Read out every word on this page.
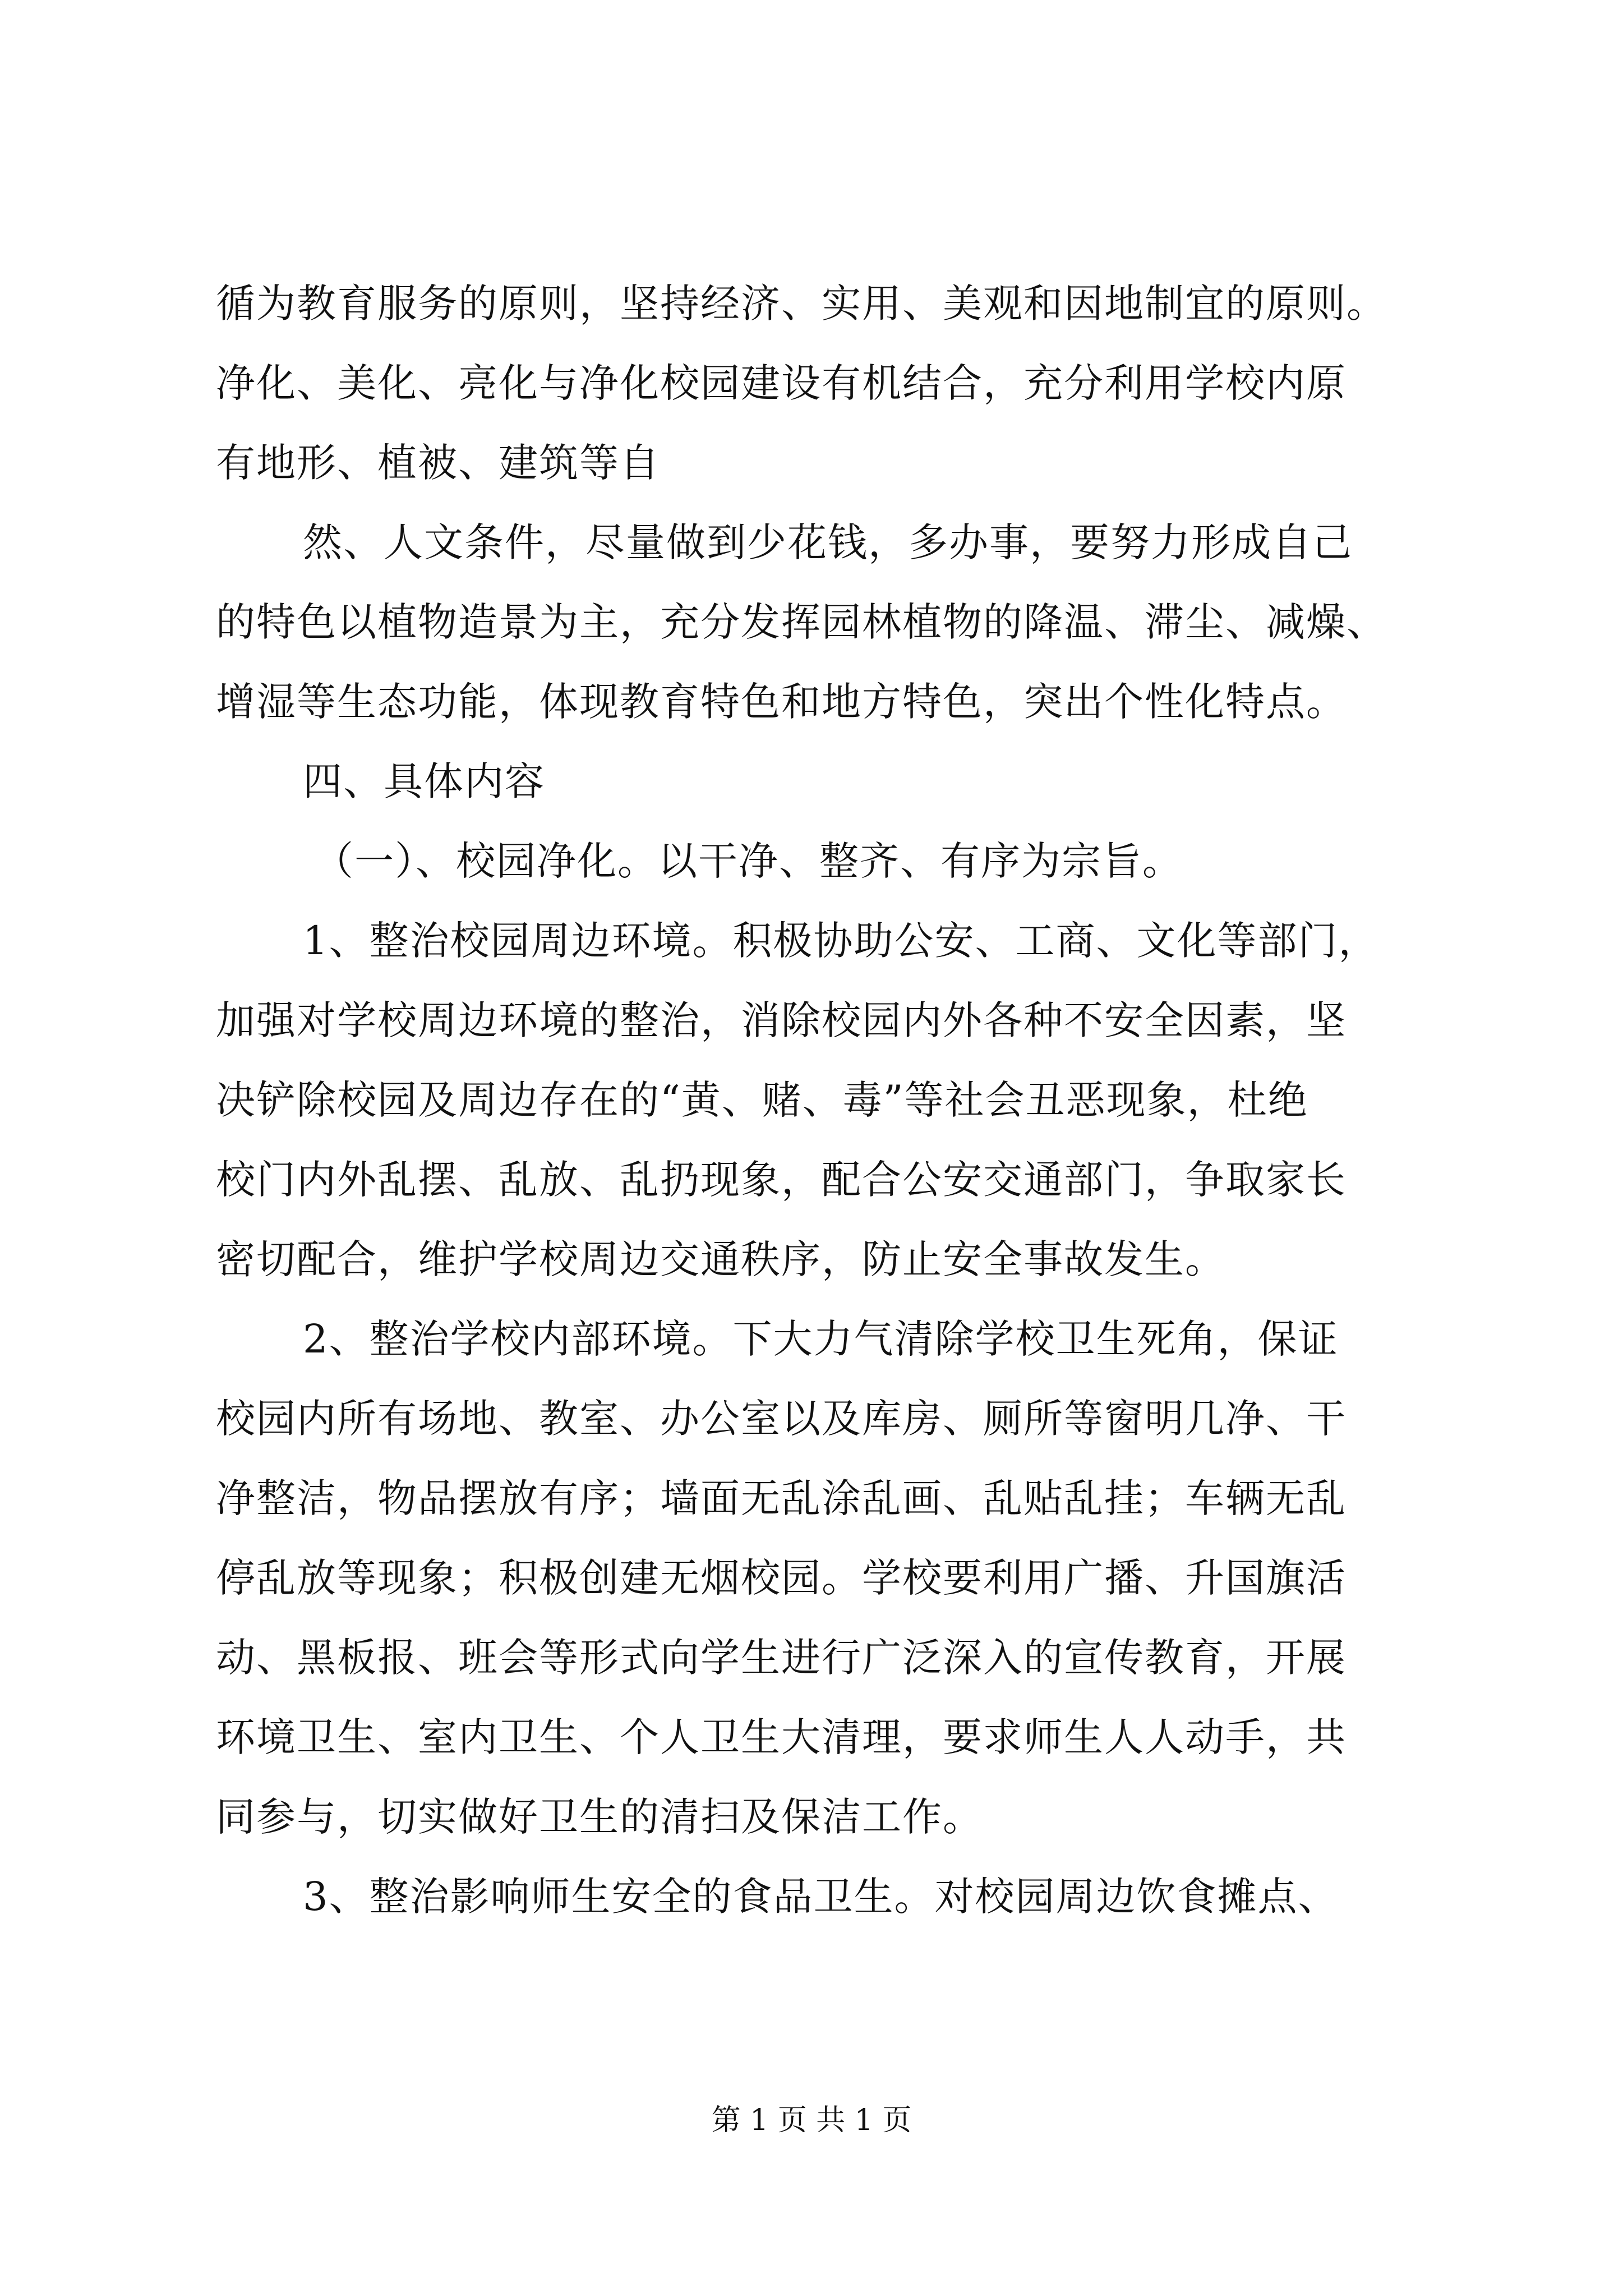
循为教育服务的原则，坚持经济、实用、美观和因地制宜的原则。
净化、美化、亮化与净化校园建设有机结合，充分利用学校内原
有地形、植被、建筑等自
然、人文条件，尽量做到少花钱，多办事，要努力形成自己
的特色以植物造景为主，充分发挥园林植物的降温、滞尘、减燥、
增湿等生态功能，体现教育特色和地方特色，突出个性化特点。
四、具体内容
（一）、校园净化。以干净、整齐、有序为宗旨。
1、整治校园周边环境。积极协助公安、工商、文化等部门，
加强对学校周边环境的整治，消除校园内外各种不安全因素，坚
决铲除校园及周边存在的“黄、赌、毒”等社会丑恶现象，杜绝
校门内外乱摆、乱放、乱扔现象，配合公安交通部门，争取家长
密切配合，维护学校周边交通秩序，防止安全事故发生。
2、整治学校内部环境。下大力气清除学校卫生死角，保证
校园内所有场地、教室、办公室以及库房、厕所等窗明几净、干
净整洁，物品摆放有序；墙面无乱涂乱画、乱贴乱挂；车辆无乱
停乱放等现象；积极创建无烟校园。学校要利用广播、升国旗活
动、黑板报、班会等形式向学生进行广泛深入的宣传教育，开展
环境卫生、室内卫生、个人卫生大清理，要求师生人人动手，共
同参与，切实做好卫生的清扫及保洁工作。
3、整治影响师生安全的食品卫生。对校园周边饮食摊点、
第 1 页 共 1 页
